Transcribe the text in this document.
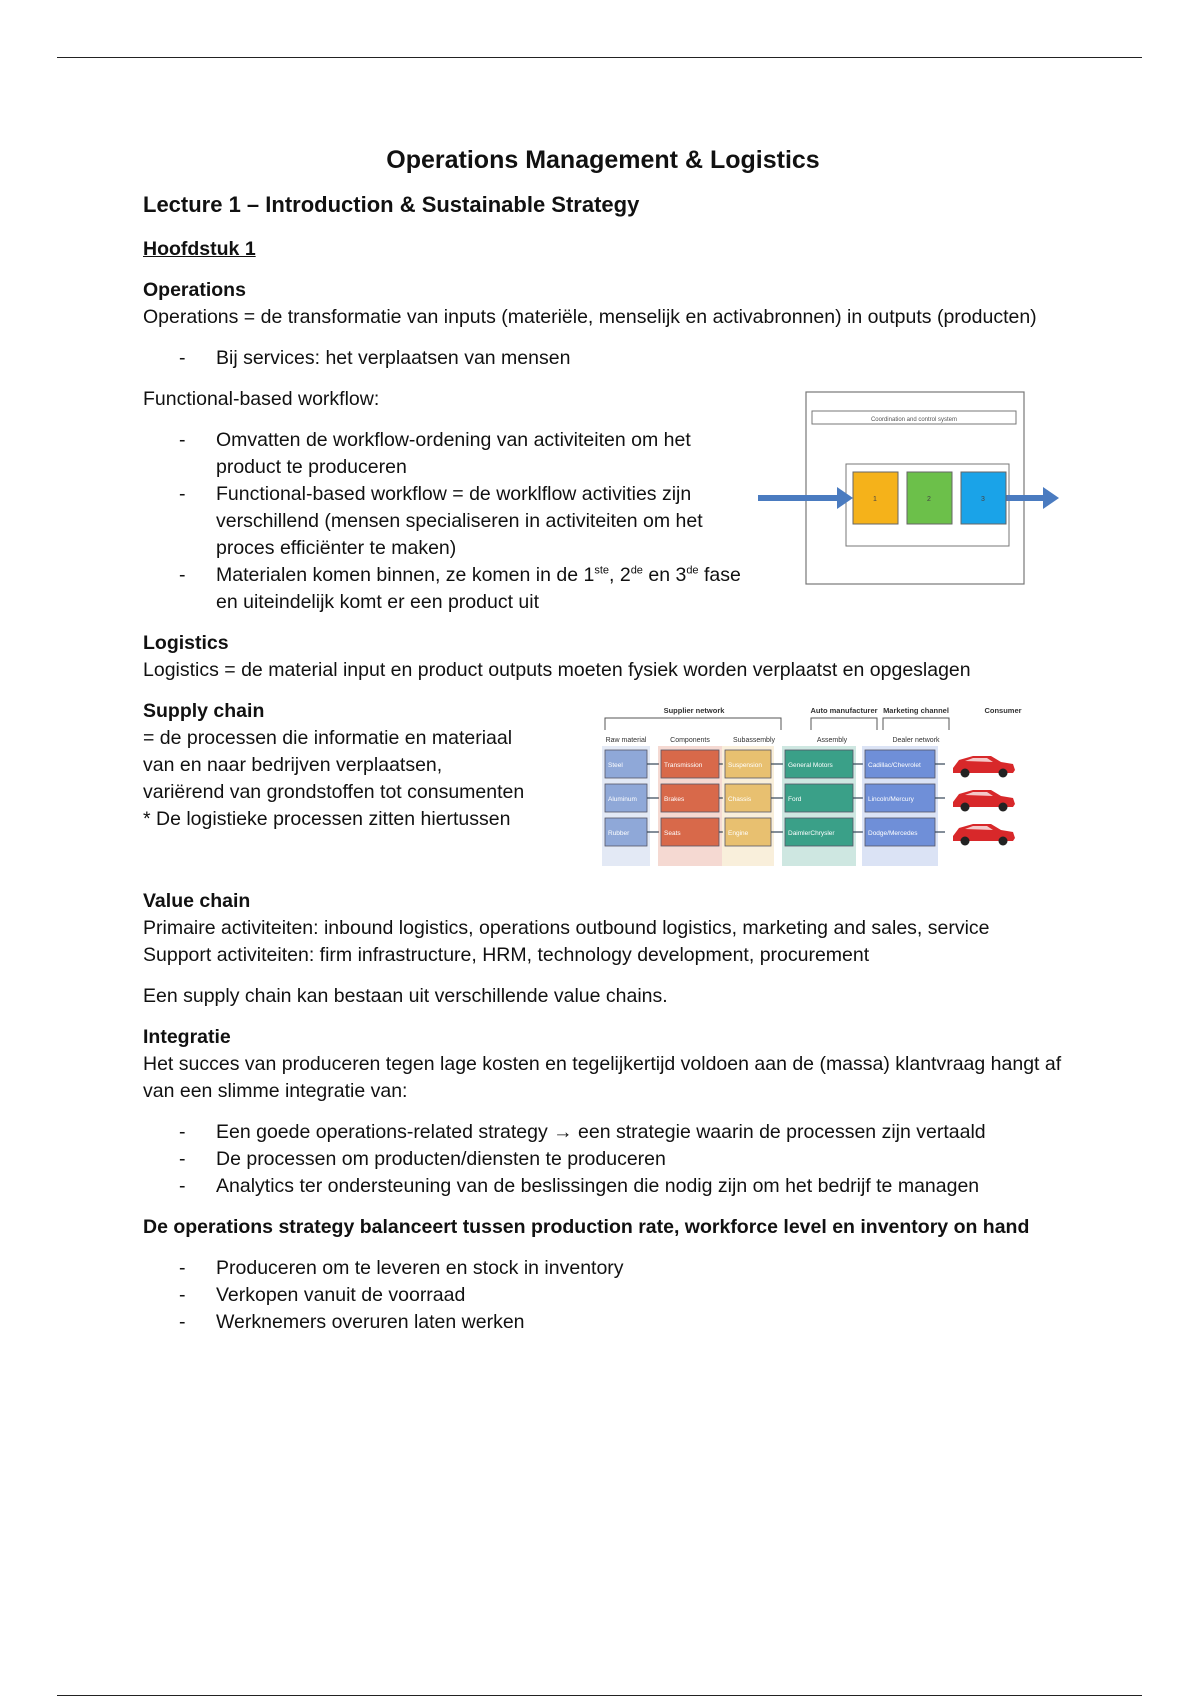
Operations Management & Logistics
Lecture 1 – Introduction & Sustainable Strategy

Hoofdstuk 1

Operations

Operations = de transformatie van inputs (materiële, menselijk en activabronnen) in outputs (producten)

- Bij services: het verplaatsen van mensen

Functional-based workflow:

- Omvatten de workflow-ordening van activiteiten om het product te produceren
- Functional-based workflow = de worklflow activities zijn verschillend (mensen specialiseren in activiteiten om het proces efficiënter te maken)
- Materialen komen binnen, ze komen in de 1ste, 2de en 3de fase en uiteindelijk komt er een product uit
Coordination and control system
1	2	3

Logistics

Logistics = de material input en product outputs moeten fysiek worden verplaatst en opgeslagen

Supply chain

= de processen die informatie en materiaal

van en naar bedrijven verplaatsen,

variërend van grondstoffen tot consumenten

* De logistieke processen zitten hiertussen

Supplier network	Auto manufacturer Marketing channel	Consumer
Raw material	Components	Subassembly	Assembly	Dealer network
Steel
Aluminum
Rubber
Transmission
Brakes
Seats
Suspension
Chassis
Engine
General Motors
Ford
DaimlerChrysler
Cadillac/Chevrolet
Lincoln/Mercury
Dodge/Mercedes

Value chain

Primaire activiteiten: inbound logistics, operations outbound logistics, marketing and sales, service

Support activiteiten: firm infrastructure, HRM, technology development, procurement

Een supply chain kan bestaan uit verschillende value chains.

Integratie

Het succes van produceren tegen lage kosten en tegelijkertijd voldoen aan de (massa) klantvraag hangt af van een slimme integratie van:

- Een goede operations-related strategy → een strategie waarin de processen zijn vertaald
- De processen om producten/diensten te produceren
- Analytics ter ondersteuning van de beslissingen die nodig zijn om het bedrijf te managen

De operations strategy balanceert tussen production rate, workforce level en inventory on hand

- Produceren om te leveren en stock in inventory
- Verkopen vanuit de voorraad
- Werknemers overuren laten werken
